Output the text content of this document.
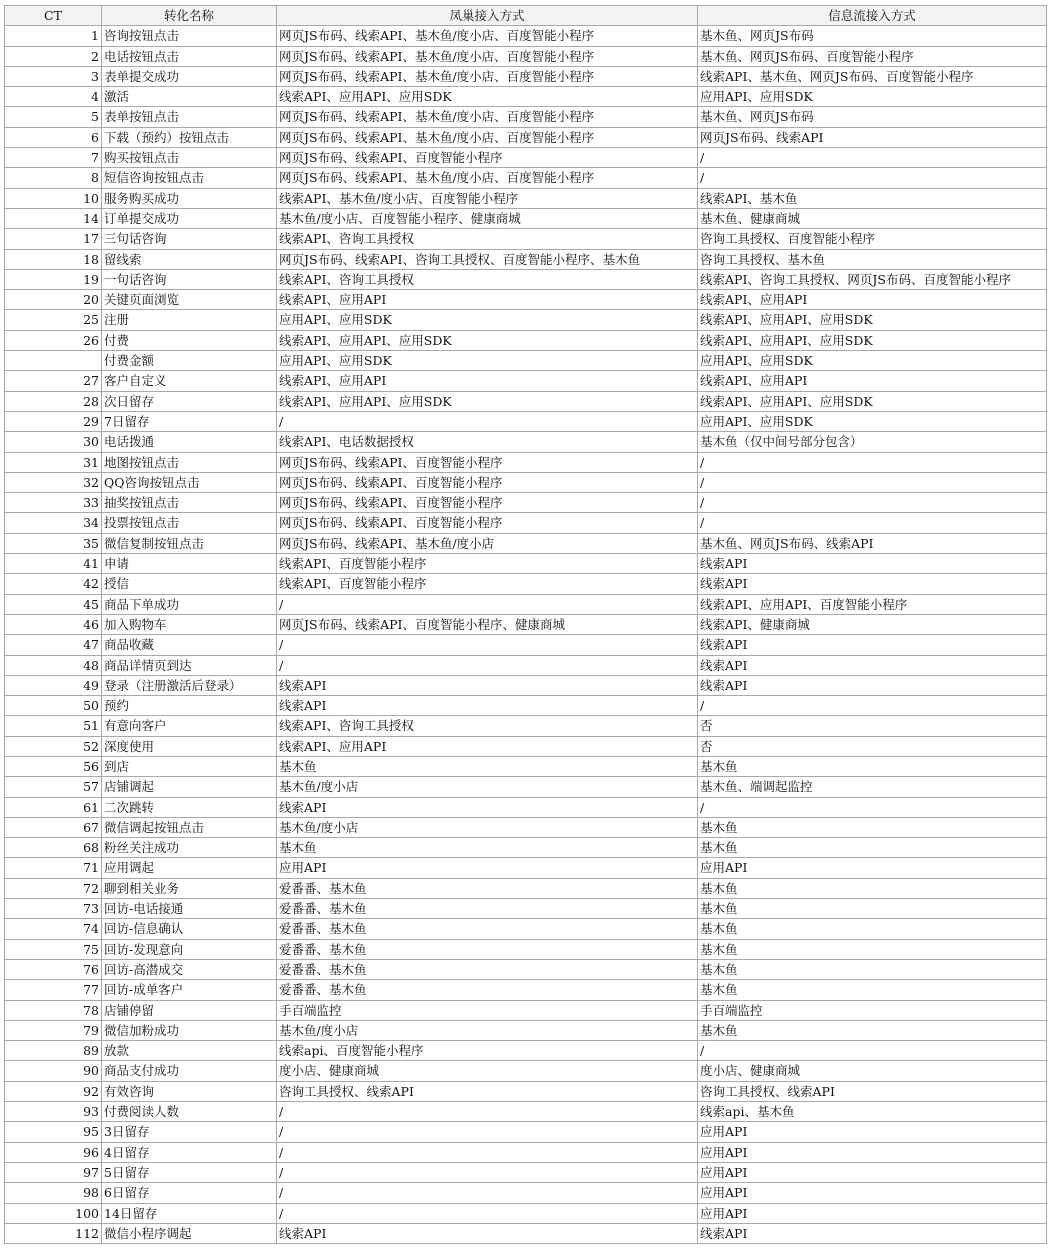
CT	转化名称	凤巢接入方式	信息流接入方式
1	咨询按钮点击	网页JS布码、线索API、基木鱼/度小店、百度智能小程序	基木鱼、网页JS布码
2	电话按钮点击	网页JS布码、线索API、基木鱼/度小店、百度智能小程序	基木鱼、网页JS布码、百度智能小程序
3	表单提交成功	网页JS布码、线索API、基木鱼/度小店、百度智能小程序	线索API、基木鱼、网页JS布码、百度智能小程序
4	激活	线索API、应用API、应用SDK	应用API、应用SDK
5	表单按钮点击	网页JS布码、线索API、基木鱼/度小店、百度智能小程序	基木鱼、网页JS布码
6	下载（预约）按钮点击	网页JS布码、线索API、基木鱼/度小店、百度智能小程序	网页JS布码、线索API
7	购买按钮点击	网页JS布码、线索API、百度智能小程序	/
8	短信咨询按钮点击	网页JS布码、线索API、基木鱼/度小店、百度智能小程序	/
10	服务购买成功	线索API、基木鱼/度小店、百度智能小程序	线索API、基木鱼
14	订单提交成功	基木鱼/度小店、百度智能小程序、健康商城	基木鱼、健康商城
17	三句话咨询	线索API、咨询工具授权	咨询工具授权、百度智能小程序
18	留线索	网页JS布码、线索API、咨询工具授权、百度智能小程序、基木鱼	咨询工具授权、基木鱼
19	一句话咨询	线索API、咨询工具授权	线索API、咨询工具授权、网页JS布码、百度智能小程序
20	关键页面浏览	线索API、应用API	线索API、应用API
25	注册	应用API、应用SDK	线索API、应用API、应用SDK
26	付费	线索API、应用API、应用SDK	线索API、应用API、应用SDK
	付费金额	应用API、应用SDK	应用API、应用SDK
27	客户自定义	线索API、应用API	线索API、应用API
28	次日留存	线索API、应用API、应用SDK	线索API、应用API、应用SDK
29	7日留存	/	应用API、应用SDK
30	电话拨通	线索API、电话数据授权	基木鱼（仅中间号部分包含）
31	地图按钮点击	网页JS布码、线索API、百度智能小程序	/
32	QQ咨询按钮点击	网页JS布码、线索API、百度智能小程序	/
33	抽奖按钮点击	网页JS布码、线索API、百度智能小程序	/
34	投票按钮点击	网页JS布码、线索API、百度智能小程序	/
35	微信复制按钮点击	网页JS布码、线索API、基木鱼/度小店	基木鱼、网页JS布码、线索API
41	申请	线索API、百度智能小程序	线索API
42	授信	线索API、百度智能小程序	线索API
45	商品下单成功	/	线索API、应用API、百度智能小程序
46	加入购物车	网页JS布码、线索API、百度智能小程序、健康商城	线索API、健康商城
47	商品收藏	/	线索API
48	商品详情页到达	/	线索API
49	登录（注册激活后登录）	线索API	线索API
50	预约	线索API	/
51	有意向客户	线索API、咨询工具授权	否
52	深度使用	线索API、应用API	否
56	到店	基木鱼	基木鱼
57	店铺调起	基木鱼/度小店	基木鱼、端调起监控
61	二次跳转	线索API	/
67	微信调起按钮点击	基木鱼/度小店	基木鱼
68	粉丝关注成功	基木鱼	基木鱼
71	应用调起	应用API	应用API
72	聊到相关业务	爱番番、基木鱼	基木鱼
73	回访-电话接通	爱番番、基木鱼	基木鱼
74	回访-信息确认	爱番番、基木鱼	基木鱼
75	回访-发现意向	爱番番、基木鱼	基木鱼
76	回访-高潜成交	爱番番、基木鱼	基木鱼
77	回访-成单客户	爱番番、基木鱼	基木鱼
78	店铺停留	手百端监控	手百端监控
79	微信加粉成功	基木鱼/度小店	基木鱼
89	放款	线索api、百度智能小程序	/
90	商品支付成功	度小店、健康商城	度小店、健康商城
92	有效咨询	咨询工具授权、线索API	咨询工具授权、线索API
93	付费阅读人数	/	线索api、基木鱼
95	3日留存	/	应用API
96	4日留存	/	应用API
97	5日留存	/	应用API
98	6日留存	/	应用API
100	14日留存	/	应用API
112	微信小程序调起	线索API	线索API
